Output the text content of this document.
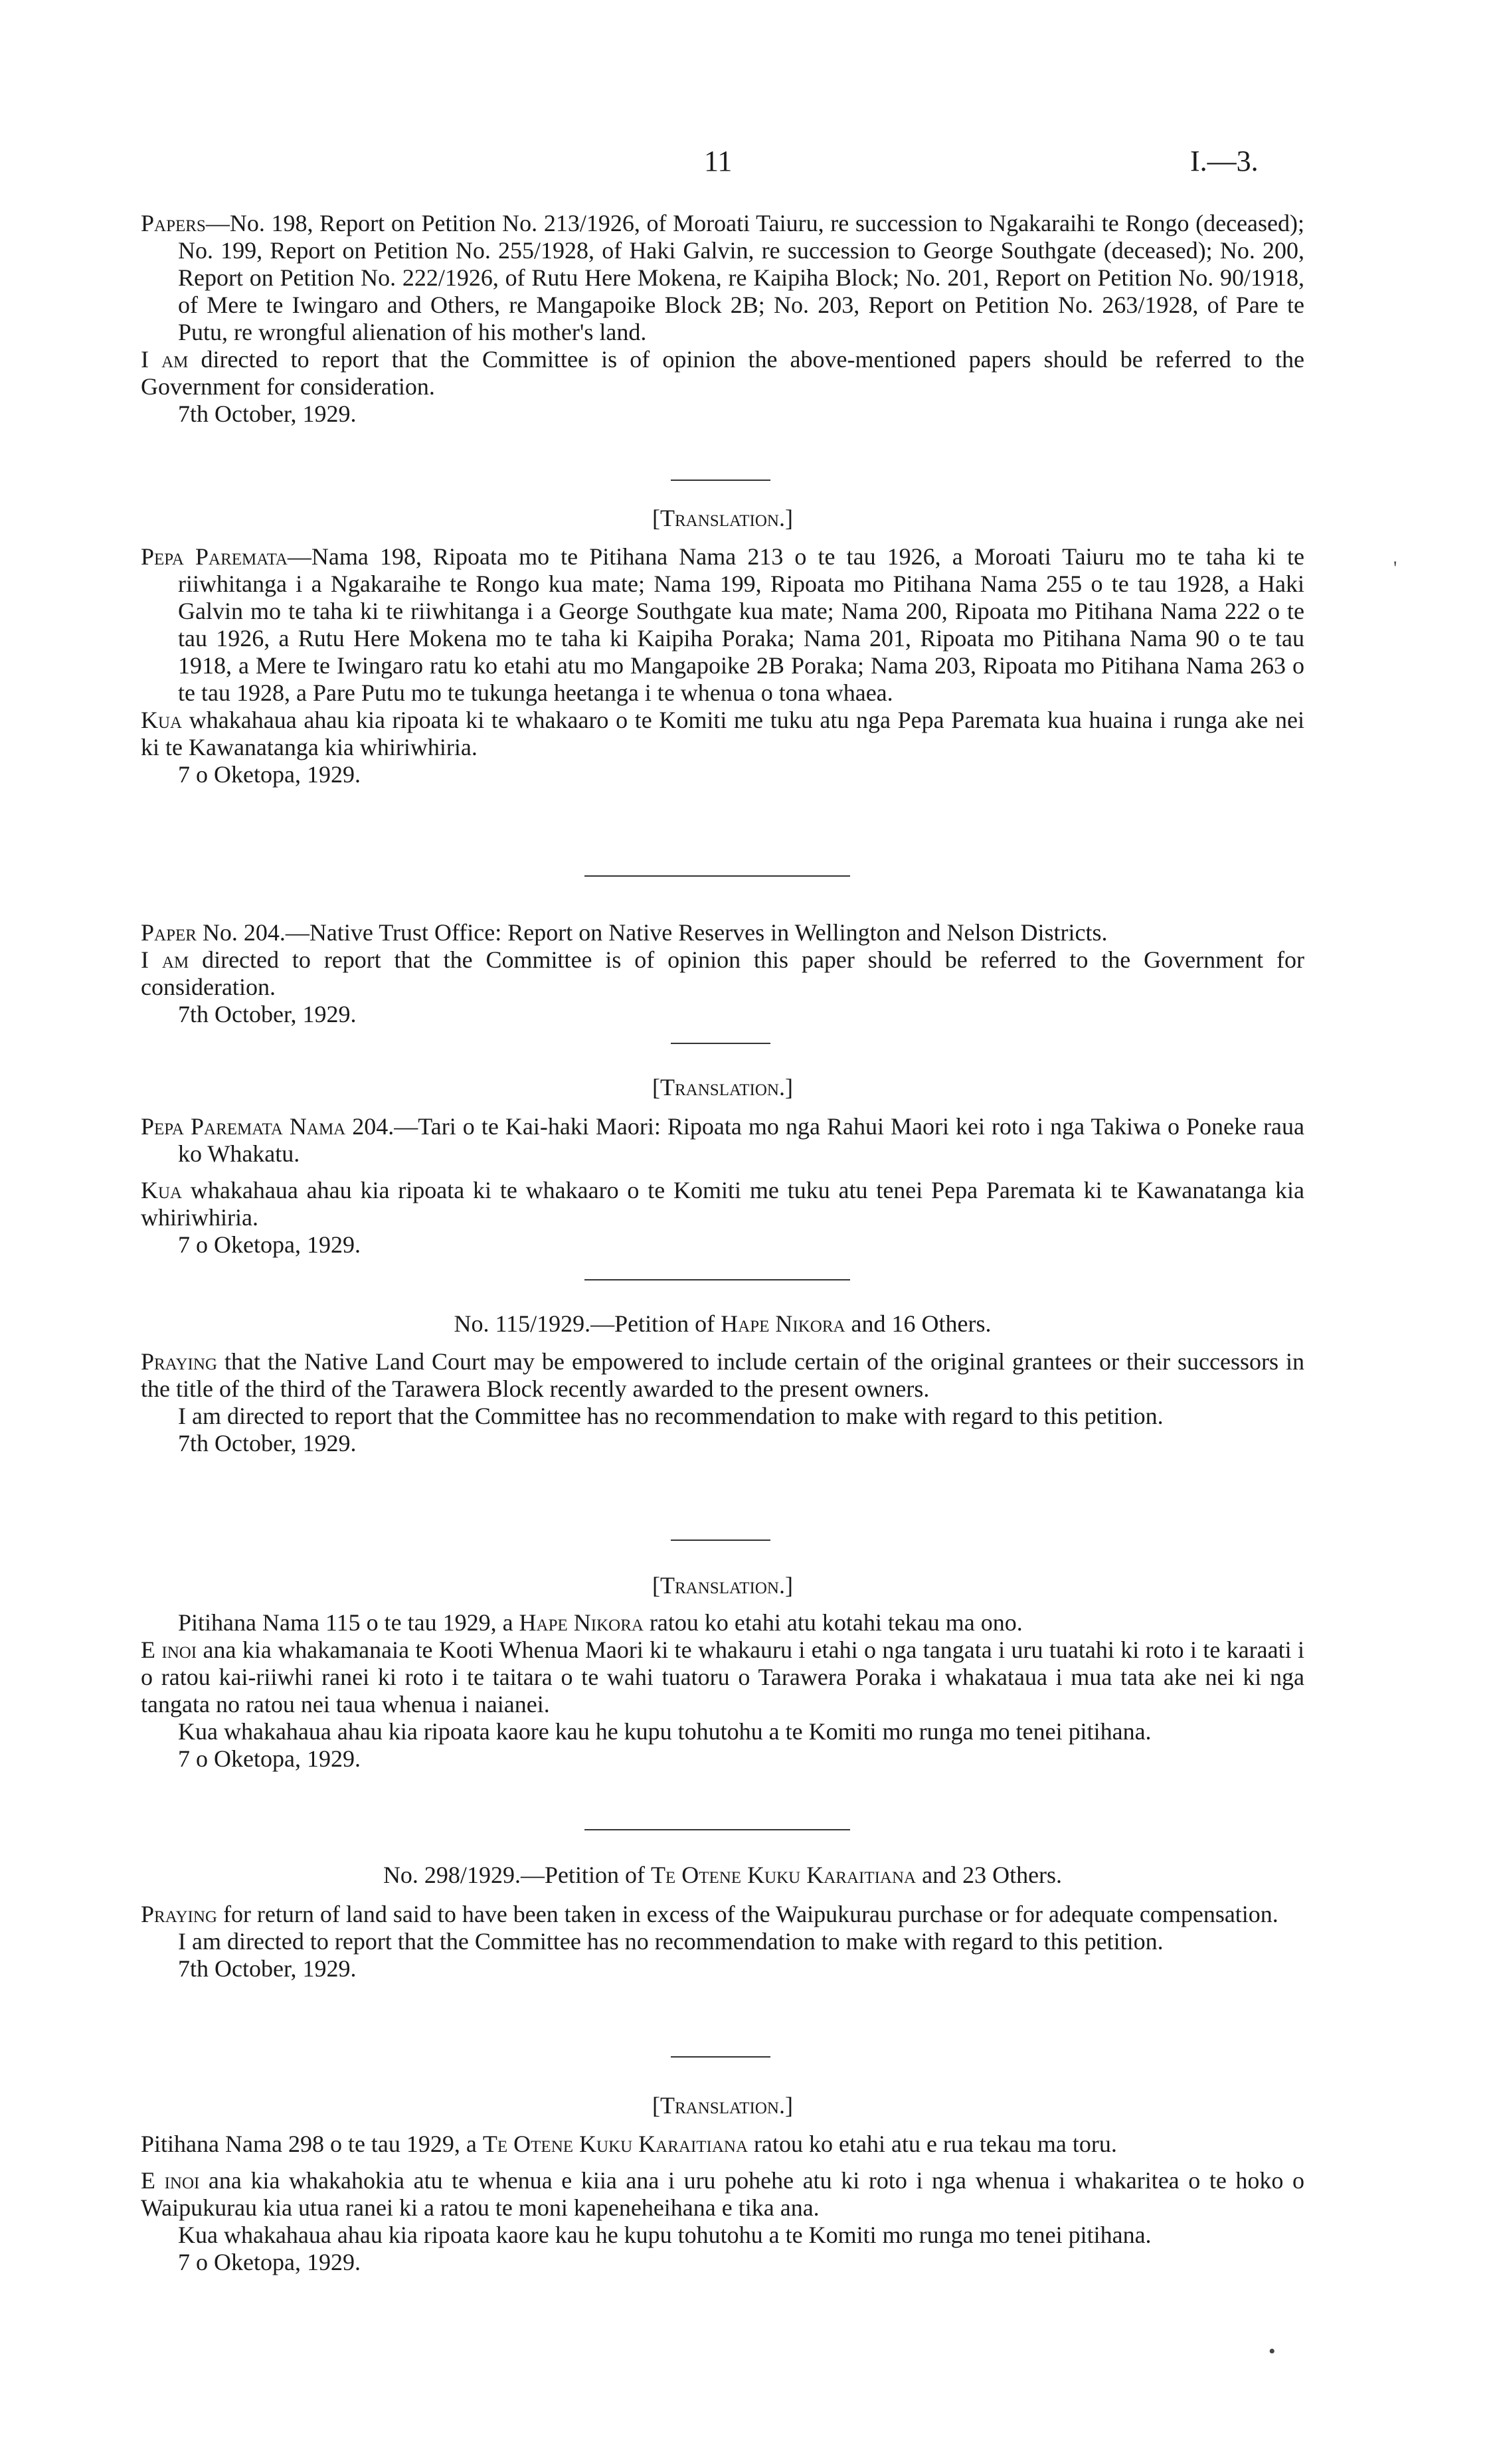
11	I.—3.

Papers—No. 198, Report on Petition No. 213/1926, of Moroati Taiuru, re succession to Ngakaraihi te Rongo (deceased); No. 199, Report on Petition No. 255/1928, of Haki Galvin, re succession to George Southgate (deceased); No. 200, Report on Petition No. 222/1926, of Rutu Here Mokena, re Kaipiha Block; No. 201, Report on Petition No. 90/1918, of Mere te Iwingaro and Others, re Mangapoike Block 2B; No. 203, Report on Petition No. 263/1928, of Pare te Putu, re wrongful alienation of his mother's land.

I am directed to report that the Committee is of opinion the above-mentioned papers should be referred to the Government for consideration.

7th October, 1929.

[Translation.]

Pepa Paremata—Nama 198, Ripoata mo te Pitihana Nama 213 o te tau 1926, a Moroati Taiuru mo te taha ki te riiwhitanga i a Ngakaraihe te Rongo kua mate; Nama 199, Ripoata mo Pitihana Nama 255 o te tau 1928, a Haki Galvin mo te taha ki te riiwhitanga i a George Southgate kua mate; Nama 200, Ripoata mo Pitihana Nama 222 o te tau 1926, a Rutu Here Mokena mo te taha ki Kaipiha Poraka; Nama 201, Ripoata mo Pitihana Nama 90 o te tau 1918, a Mere te Iwingaro ratu ko etahi atu mo Mangapoike 2B Poraka; Nama 203, Ripoata mo Pitihana Nama 263 o te tau 1928, a Pare Putu mo te tukunga heetanga i te whenua o tona whaea.

Kua whakahaua ahau kia ripoata ki te whakaaro o te Komiti me tuku atu nga Pepa Paremata kua huaina i runga ake nei ki te Kawanatanga kia whiriwhiria.

7 o Oketopa, 1929.

Paper No. 204.—Native Trust Office: Report on Native Reserves in Wellington and Nelson Districts.

I am directed to report that the Committee is of opinion this paper should be referred to the Government for consideration.

7th October, 1929.

[Translation.]

Pepa Paremata Nama 204.—Tari o te Kai-haki Maori: Ripoata mo nga Rahui Maori kei roto i nga Takiwa o Poneke raua ko Whakatu.

Kua whakahaua ahau kia ripoata ki te whakaaro o te Komiti me tuku atu tenei Pepa Paremata ki te Kawanatanga kia whiriwhiria.

7 o Oketopa, 1929.

No. 115/1929.—Petition of Hape Nikora and 16 Others.

Praying that the Native Land Court may be empowered to include certain of the original grantees or their successors in the title of the third of the Tarawera Block recently awarded to the present owners.

I am directed to report that the Committee has no recommendation to make with regard to this petition.

7th October, 1929.

[Translation.]

Pitihana Nama 115 o te tau 1929, a Hape Nikora ratou ko etahi atu kotahi tekau ma ono.

E inoi ana kia whakamanaia te Kooti Whenua Maori ki te whakauru i etahi o nga tangata i uru tuatahi ki roto i te karaati i o ratou kai-riiwhi ranei ki roto i te taitara o te wahi tuatoru o Tarawera Poraka i whakataua i mua tata ake nei ki nga tangata no ratou nei taua whenua i naianei.

Kua whakahaua ahau kia ripoata kaore kau he kupu tohutohu a te Komiti mo runga mo tenei pitihana.

7 o Oketopa, 1929.

No. 298/1929.—Petition of Te Otene Kuku Karaitiana and 23 Others.

Praying for return of land said to have been taken in excess of the Waipukurau purchase or for adequate compensation.

I am directed to report that the Committee has no recommendation to make with regard to this petition.

7th October, 1929.

[Translation.]

Pitihana Nama 298 o te tau 1929, a Te Otene Kuku Karaitiana ratou ko etahi atu e rua tekau ma toru.

E inoi ana kia whakahokia atu te whenua e kiia ana i uru pohehe atu ki roto i nga whenua i whakaritea o te hoko o Waipukurau kia utua ranei ki a ratou te moni kapeneheihana e tika ana.

Kua whakahaua ahau kia ripoata kaore kau he kupu tohutohu a te Komiti mo runga mo tenei pitihana.

7 o Oketopa, 1929.

'
•
